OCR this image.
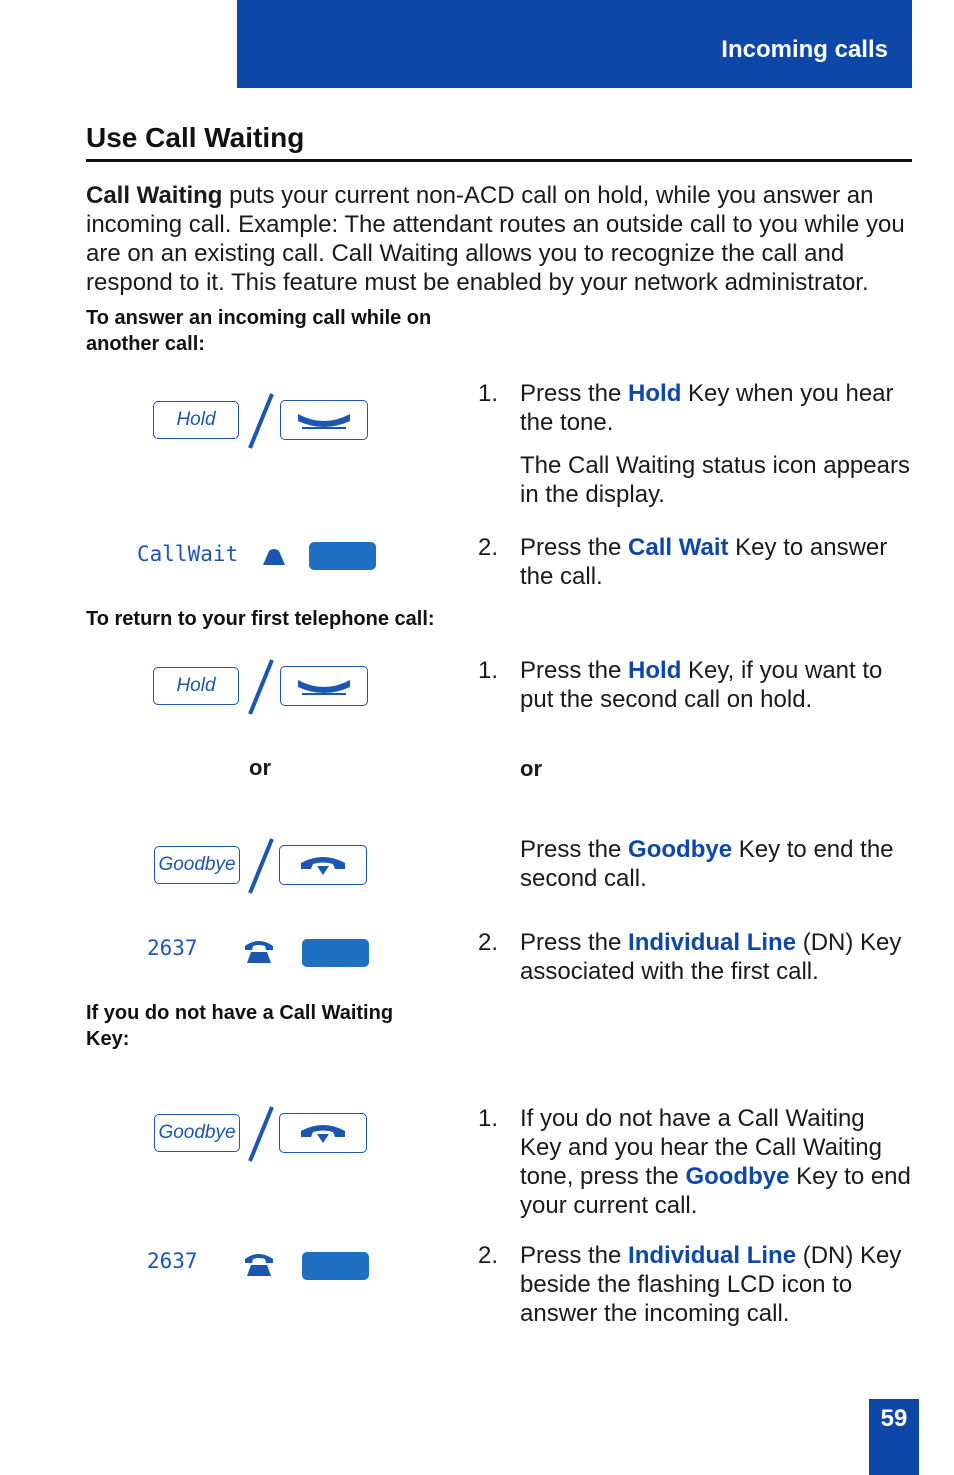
Incoming calls
Use Call Waiting
Call Waiting puts your current non-ACD call on hold, while you answer an incoming call. Example: The attendant routes an outside call to you while you are on an existing call. Call Waiting allows you to recognize the call and respond to it. This feature must be enabled by your network administrator.
To answer an incoming call while on another call:
Hold
1. Press the Hold Key when you hear the tone.
The Call Waiting status icon appears in the display.
CallWait	2. Press the Call Wait Key to answer the call.
To return to your first telephone call:
Hold
1. Press the Hold Key, if you want to put the second call on hold.
or	or
Goodbye
Press the Goodbye Key to end the second call.
2637	2. Press the Individual Line (DN) Key associated with the first call.
If you do not have a Call Waiting Key:
Goodbye
1. If you do not have a Call Waiting Key and you hear the Call Waiting tone, press the Goodbye Key to end your current call.
2637	2. Press the Individual Line (DN) Key beside the flashing LCD icon to answer the incoming call.
59
